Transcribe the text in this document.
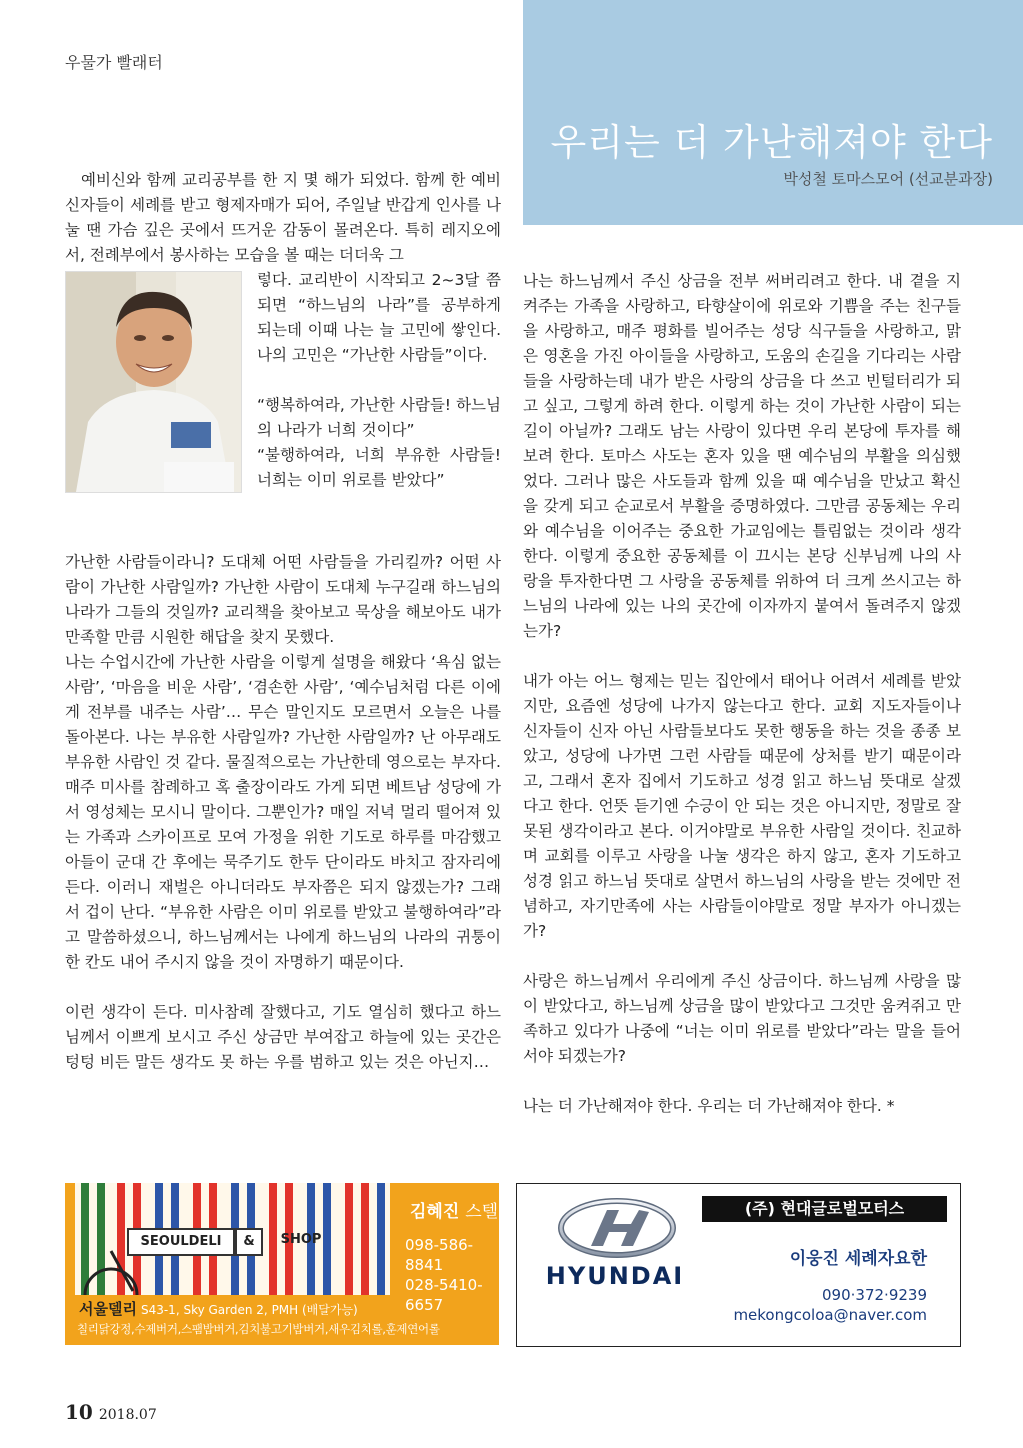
우물가 빨래터
우리는 더 가난해져야 한다
박성철 토마스모어 (선교분과장)

예비신와 함께 교리공부를 한 지 몇 해가 되었다. 함께 한 예비 신자들이 세례를 받고 형제자매가 되어, 주일날 반갑게 인사를 나눌 땐 가슴 깊은 곳에서 뜨거운 감동이 몰려온다. 특히 레지오에서, 전례부에서 봉사하는 모습을 볼 때는 더더욱 그

렇다. 교리반이 시작되고 2~3달 쯤 되면 “하느님의 나라”를 공부하게 되는데 이때 나는 늘 고민에 쌓인다. 나의 고민은 “가난한 사람들”이다.

“행복하여라, 가난한 사람들! 하느님의 나라가 너희 것이다”

“불행하여라, 너희 부유한 사람들! 너희는 이미 위로를 받았다”

가난한 사람들이라니? 도대체 어떤 사람들을 가리킬까? 어떤 사람이 가난한 사람일까? 가난한 사람이 도대체 누구길래 하느님의 나라가 그들의 것일까? 교리책을 찾아보고 묵상을 해보아도 내가 만족할 만큼 시원한 해답을 찾지 못했다.

나는 수업시간에 가난한 사람을 이렇게 설명을 해왔다 ‘욕심 없는 사람’, ‘마음을 비운 사람’, ‘겸손한 사람’, ‘예수님처럼 다른 이에게 전부를 내주는 사람’… 무슨 말인지도 모르면서 오늘은 나를 돌아본다. 나는 부유한 사람일까? 가난한 사람일까? 난 아무래도 부유한 사람인 것 같다. 물질적으로는 가난한데 영으로는 부자다. 매주 미사를 참례하고 혹 출장이라도 가게 되면 베트남 성당에 가서 영성체는 모시니 말이다. 그뿐인가? 매일 저녁 멀리 떨어져 있는 가족과 스카이프로 모여 가정을 위한 기도로 하루를 마감했고 아들이 군대 간 후에는 묵주기도 한두 단이라도 바치고 잠자리에 든다. 이러니 재벌은 아니더라도 부자쯤은 되지 않겠는가? 그래서 겁이 난다. “부유한 사람은 이미 위로를 받았고 불행하여라”라고 말씀하셨으니, 하느님께서는 나에게 하느님의 나라의 귀퉁이 한 칸도 내어 주시지 않을 것이 자명하기 때문이다.

이런 생각이 든다. 미사참례 잘했다고, 기도 열심히 했다고 하느님께서 이쁘게 보시고 주신 상금만 부여잡고 하늘에 있는 곳간은 텅텅 비든 말든 생각도 못 하는 우를 범하고 있는 것은 아닌지…

나는 하느님께서 주신 상금을 전부 써버리려고 한다. 내 곁을 지켜주는 가족을 사랑하고, 타향살이에 위로와 기쁨을 주는 친구들을 사랑하고, 매주 평화를 빌어주는 성당 식구들을 사랑하고, 맑은 영혼을 가진 아이들을 사랑하고, 도움의 손길을 기다리는 사람들을 사랑하는데 내가 받은 사랑의 상금을 다 쓰고 빈털터리가 되고 싶고, 그렇게 하려 한다. 이렇게 하는 것이 가난한 사람이 되는 길이 아닐까? 그래도 남는 사랑이 있다면 우리 본당에 투자를 해보려 한다. 토마스 사도는 혼자 있을 땐 예수님의 부활을 의심했었다. 그러나 많은 사도들과 함께 있을 때 예수님을 만났고 확신을 갖게 되고 순교로서 부활을 증명하였다. 그만큼 공동체는 우리와 예수님을 이어주는 중요한 가교임에는 틀림없는 것이라 생각한다. 이렇게 중요한 공동체를 이 끄시는 본당 신부님께 나의 사랑을 투자한다면 그 사랑을 공동체를 위하여 더 크게 쓰시고는 하느님의 나라에 있는 나의 곳간에 이자까지 붙여서 돌려주지 않겠는가?

내가 아는 어느 형제는 믿는 집안에서 태어나 어려서 세례를 받았지만, 요즘엔 성당에 나가지 않는다고 한다. 교회 지도자들이나 신자들이 신자 아닌 사람들보다도 못한 행동을 하는 것을 종종 보았고, 성당에 나가면 그런 사람들 때문에 상처를 받기 때문이라고, 그래서 혼자 집에서 기도하고 성경 읽고 하느님 뜻대로 살겠다고 한다. 언뜻 듣기엔 수긍이 안 되는 것은 아니지만, 정말로 잘못된 생각이라고 본다. 이거야말로 부유한 사람일 것이다. 친교하며 교회를 이루고 사랑을 나눌 생각은 하지 않고, 혼자 기도하고 성경 읽고 하느님 뜻대로 살면서 하느님의 사랑을 받는 것에만 전념하고, 자기만족에 사는 사람들이야말로 정말 부자가 아니겠는가?

사랑은 하느님께서 우리에게 주신 상금이다. 하느님께 사랑을 많이 받았다고, 하느님께 상금을 많이 받았다고 그것만 움켜쥐고 만족하고 있다가 나중에 “너는 이미 위로를 받았다”라는 말을 들어서야 되겠는가?

나는 더 가난해져야 한다. 우리는 더 가난해져야 한다. *

SEOULDELI	&	SHOP
김혜진 스텔라
098-586-8841
028-5410-6657
서울델리 S43-1, Sky Garden 2, PMH (배달가능)
칠리닭강정,수제버거,스팸밥버거,김치불고기밥버거,새우김치롤,훈제연어롤
HYUNDAI
(주) 현대글로벌모터스
이웅진 세례자요한
090·372·9239
mekongcoloa@naver.com
10 2018.07
